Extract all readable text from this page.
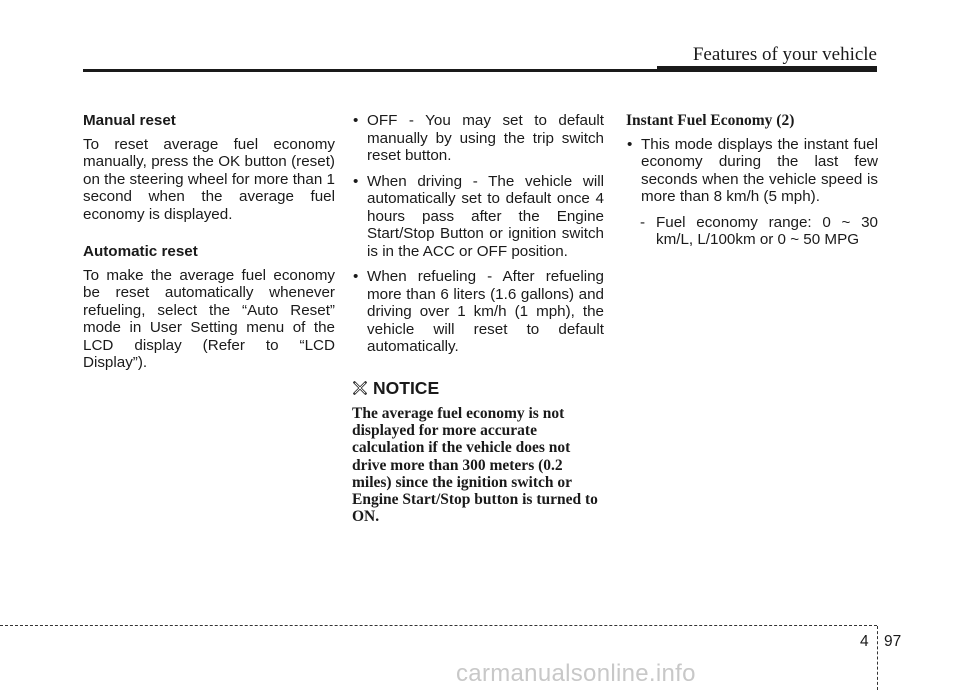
Features of your vehicle

Manual reset

To reset average fuel economy manually, press the OK button (reset) on the steering wheel for more than 1 second when the average fuel economy is displayed.

Automatic reset

To make the average fuel economy be reset automatically whenever refueling, select the “Auto Reset” mode in User Setting menu of the LCD display (Refer to “LCD Display”).

• OFF - You may set to default manually by using the trip switch reset button.
• When driving - The vehicle will automatically set to default once 4 hours pass after the Engine Start/Stop Button or ignition switch is in the ACC or OFF position.
• When refueling - After refueling more than 6 liters (1.6 gallons) and driving over 1 km/h (1 mph), the vehicle will reset to default automatically.
NOTICE

The average fuel economy is not displayed for more accurate calculation if the vehicle does not drive more than 300 meters (0.2 miles) since the ignition switch or Engine Start/Stop button is turned to ON.

Instant Fuel Economy (2)

• This mode displays the instant fuel economy during the last few seconds when the vehicle speed is more than 8 km/h (5 mph).
- Fuel economy range: 0 ~ 30 km/L, L/100km or 0 ~ 50 MPG
4 97
carmanualsonline.info
